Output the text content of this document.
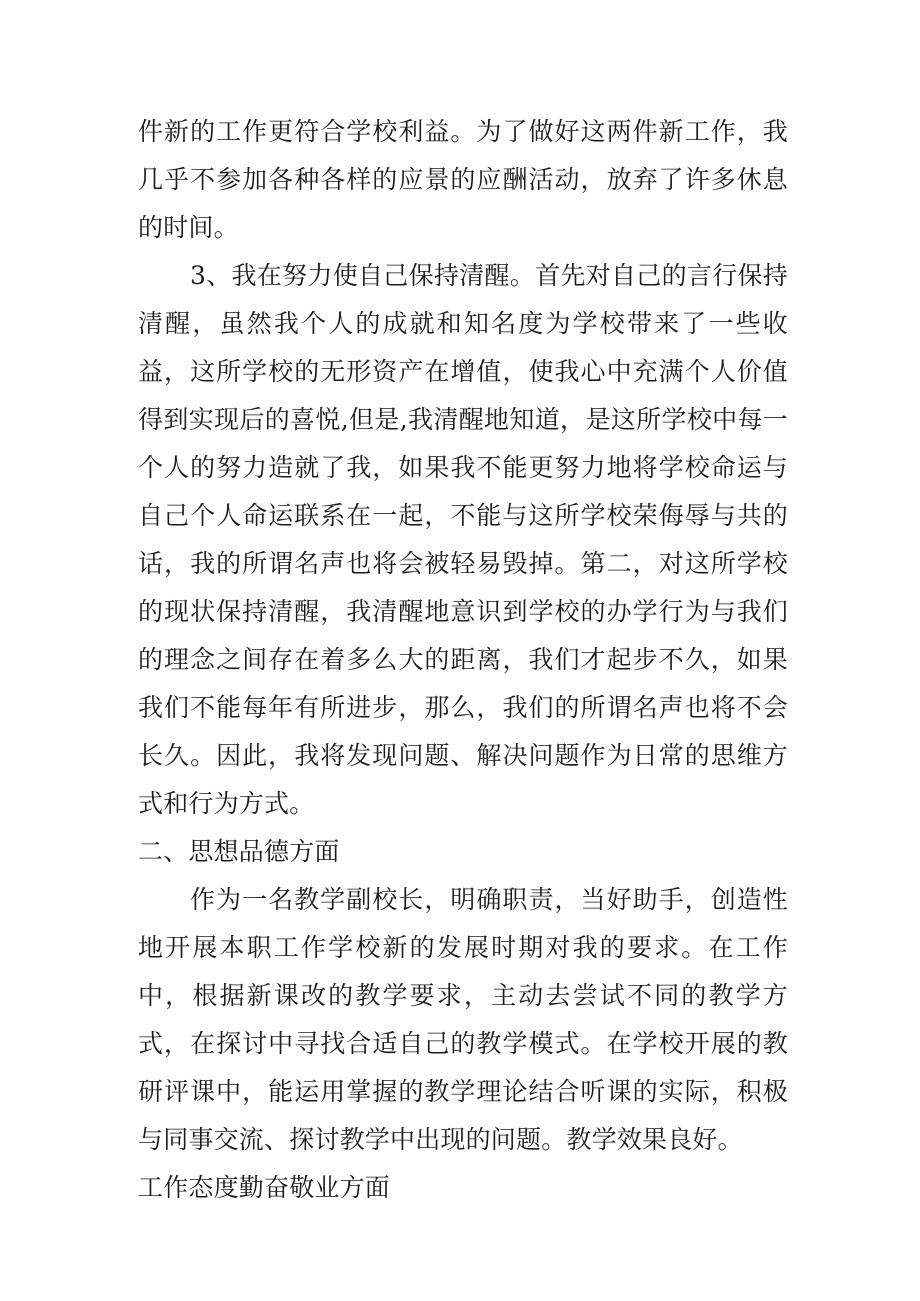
件新的工作更符合学校利益。为了做好这两件新工作，我几乎不参加各种各样的应景的应酬活动，放弃了许多休息的时间。

3、我在努力使自己保持清醒。首先对自己的言行保持清醒，虽然我个人的成就和知名度为学校带来了一些收益，这所学校的无形资产在增值，使我心中充满个人价值得到实现后的喜悦,但是,我清醒地知道，是这所学校中每一个人的努力造就了我，如果我不能更努力地将学校命运与自己个人命运联系在一起，不能与这所学校荣侮辱与共的话，我的所谓名声也将会被轻易毁掉。第二，对这所学校的现状保持清醒，我清醒地意识到学校的办学行为与我们的理念之间存在着多么大的距离，我们才起步不久，如果我们不能每年有所进步，那么，我们的所谓名声也将不会长久。因此，我将发现问题、解决问题作为日常的思维方式和行为方式。

二、思想品德方面

作为一名教学副校长，明确职责，当好助手，创造性地开展本职工作学校新的发展时期对我的要求。在工作中，根据新课改的教学要求，主动去尝试不同的教学方式，在探讨中寻找合适自己的教学模式。在学校开展的教研评课中，能运用掌握的教学理论结合听课的实际，积极与同事交流、探讨教学中出现的问题。教学效果良好。

工作态度勤奋敬业方面
